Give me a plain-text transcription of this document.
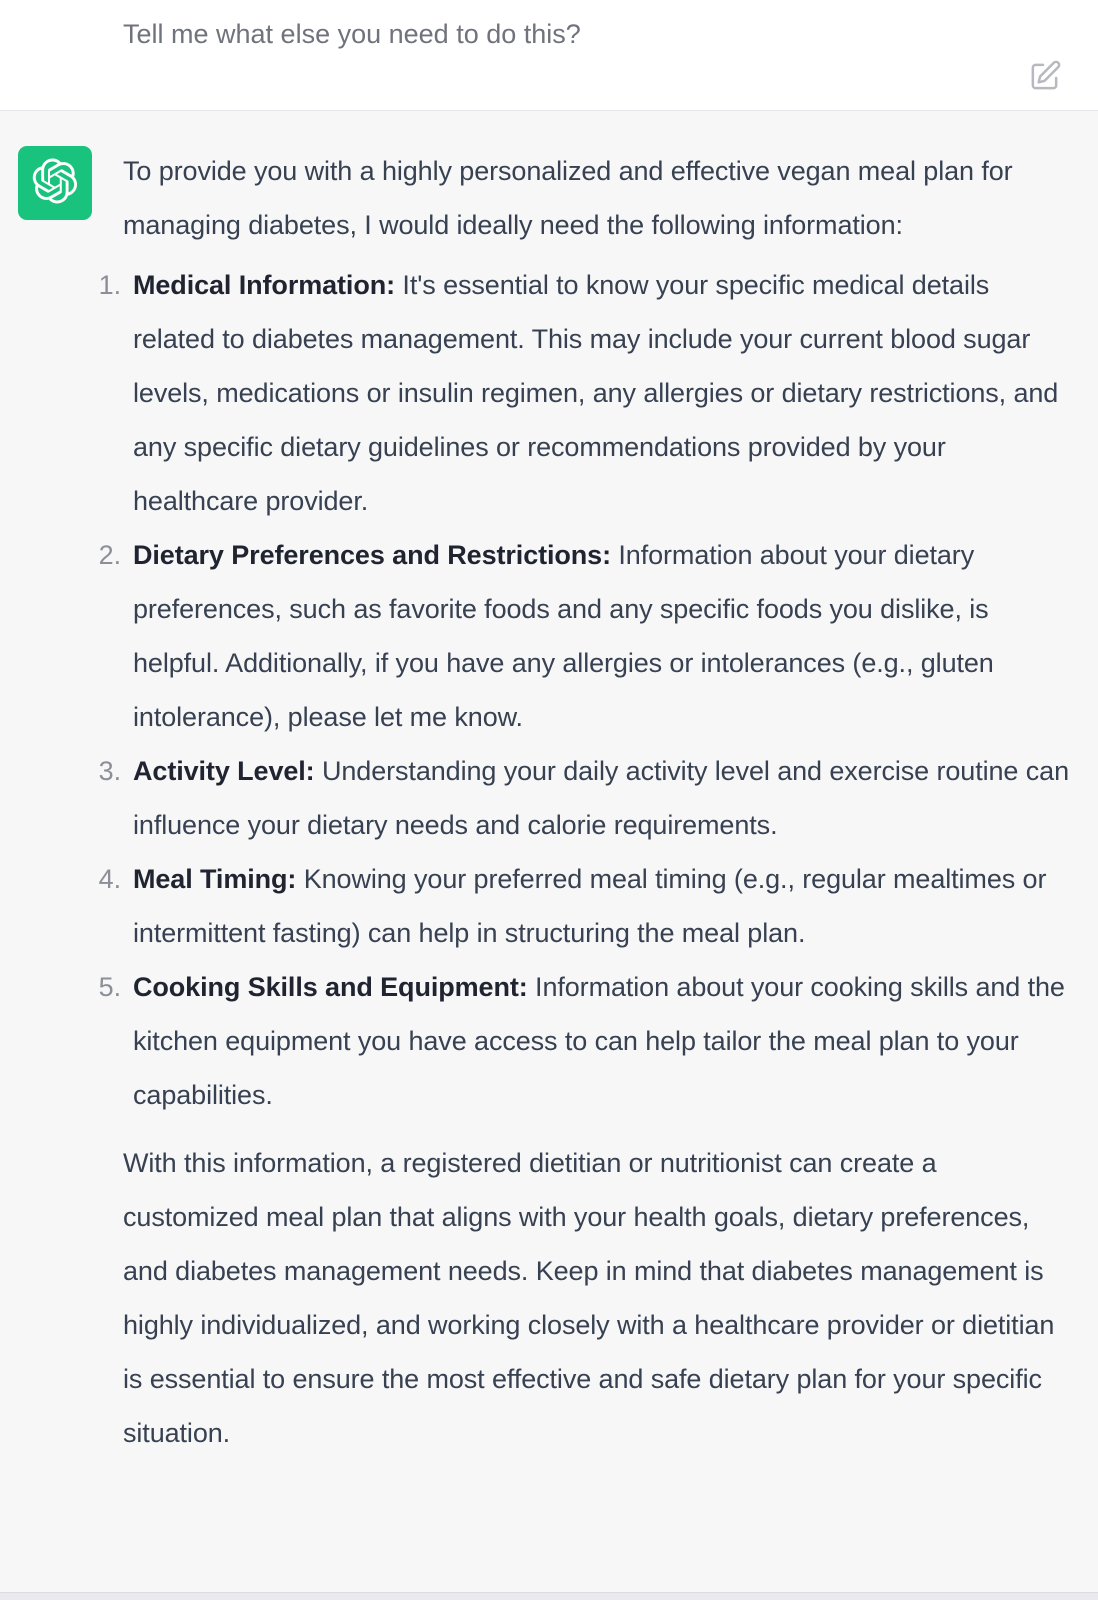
Tell me what else you need to do this?

To provide you with a highly personalized and effective vegan meal plan for managing diabetes, I would ideally need the following information:

1. Medical Information: It's essential to know your specific medical details related to diabetes management. This may include your current blood sugar levels, medications or insulin regimen, any allergies or dietary restrictions, and any specific dietary guidelines or recommendations provided by your healthcare provider.
2. Dietary Preferences and Restrictions: Information about your dietary preferences, such as favorite foods and any specific foods you dislike, is helpful. Additionally, if you have any allergies or intolerances (e.g., gluten intolerance), please let me know.
3. Activity Level: Understanding your daily activity level and exercise routine can influence your dietary needs and calorie requirements.
4. Meal Timing: Knowing your preferred meal timing (e.g., regular mealtimes or intermittent fasting) can help in structuring the meal plan.
5. Cooking Skills and Equipment: Information about your cooking skills and the kitchen equipment you have access to can help tailor the meal plan to your capabilities.

With this information, a registered dietitian or nutritionist can create a customized meal plan that aligns with your health goals, dietary preferences, and diabetes management needs. Keep in mind that diabetes management is highly individualized, and working closely with a healthcare provider or dietitian is essential to ensure the most effective and safe dietary plan for your specific situation.
